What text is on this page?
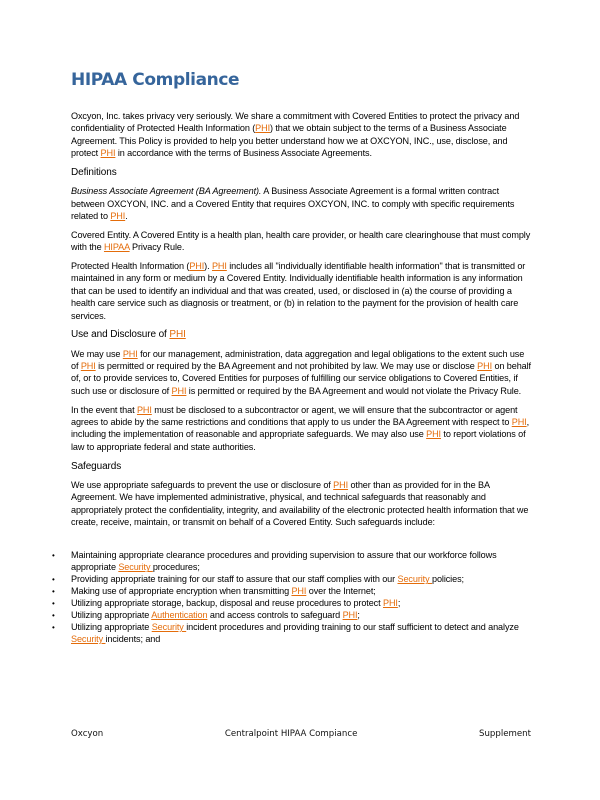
HIPAA Compliance

Oxcyon, Inc. takes privacy very seriously. We share a commitment with Covered Entities to protect the privacy and confidentiality of Protected Health Information (PHI) that we obtain subject to the terms of a Business Associate Agreement. This Policy is provided to help you better understand how we at OXCYON, INC., use, disclose, and protect PHI in accordance with the terms of Business Associate Agreements.

Definitions

Business Associate Agreement (BA Agreement). A Business Associate Agreement is a formal written contract between OXCYON, INC. and a Covered Entity that requires OXCYON, INC. to comply with specific requirements related to PHI.

Covered Entity. A Covered Entity is a health plan, health care provider, or health care clearinghouse that must comply with the HIPAA Privacy Rule.

Protected Health Information (PHI). PHI includes all "individually identifiable health information" that is transmitted or maintained in any form or medium by a Covered Entity. Individually identifiable health information is any information that can be used to identify an individual and that was created, used, or disclosed in (a) the course of providing a health care service such as diagnosis or treatment, or (b) in relation to the payment for the provision of health care services.

Use and Disclosure of PHI

We may use PHI for our management, administration, data aggregation and legal obligations to the extent such use of PHI is permitted or required by the BA Agreement and not prohibited by law. We may use or disclose PHI on behalf of, or to provide services to, Covered Entities for purposes of fulfilling our service obligations to Covered Entities, if such use or disclosure of PHI is permitted or required by the BA Agreement and would not violate the Privacy Rule.

In the event that PHI must be disclosed to a subcontractor or agent, we will ensure that the subcontractor or agent agrees to abide by the same restrictions and conditions that apply to us under the BA Agreement with respect to PHI, including the implementation of reasonable and appropriate safeguards. We may also use PHI to report violations of law to appropriate federal and state authorities.

Safeguards

We use appropriate safeguards to prevent the use or disclosure of PHI other than as provided for in the BA Agreement. We have implemented administrative, physical, and technical safeguards that reasonably and appropriately protect the confidentiality, integrity, and availability of the electronic protected health information that we create, receive, maintain, or transmit on behalf of a Covered Entity. Such safeguards include:

• Maintaining appropriate clearance procedures and providing supervision to assure that our workforce follows appropriate Security procedures;
• Providing appropriate training for our staff to assure that our staff complies with our Security policies;
• Making use of appropriate encryption when transmitting PHI over the Internet;
• Utilizing appropriate storage, backup, disposal and reuse procedures to protect PHI;
• Utilizing appropriate Authentication and access controls to safeguard PHI;
• Utilizing appropriate Security incident procedures and providing training to our staff sufficient to detect and analyze Security incidents; and
Oxcyon	Centralpoint HIPAA Compiance	Supplement
